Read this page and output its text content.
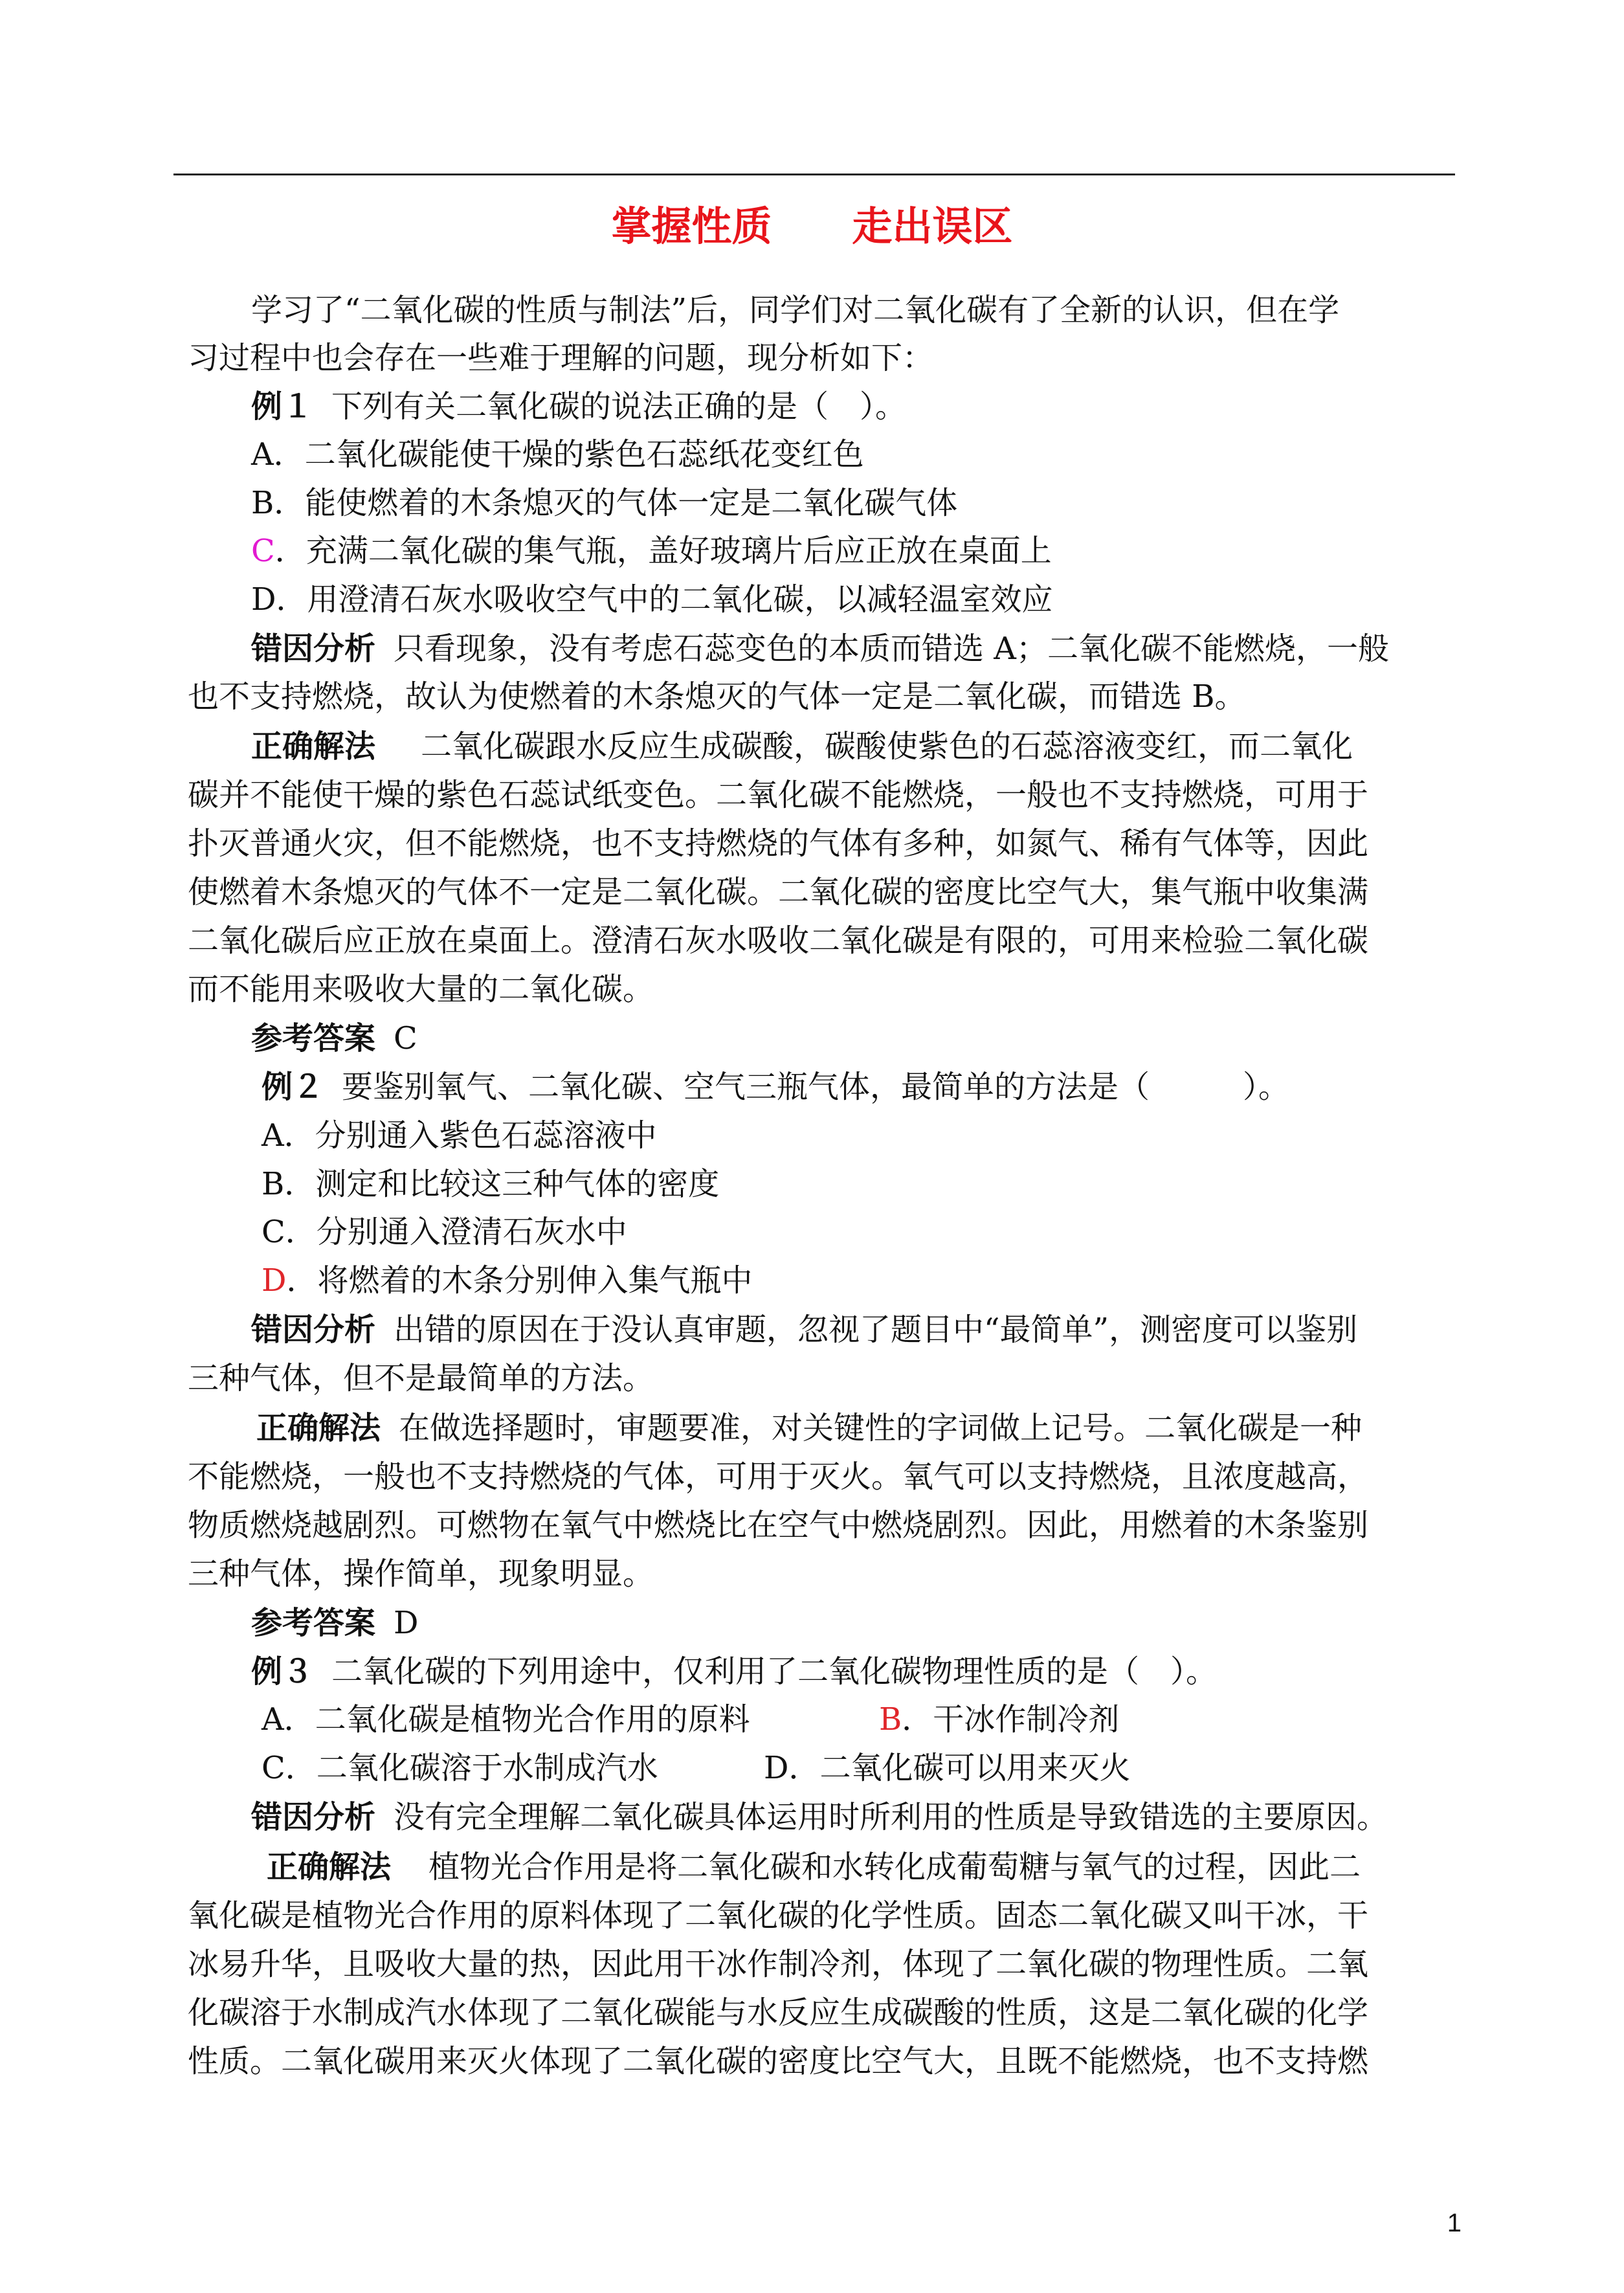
掌握性质　　走出误区
学习了“二氧化碳的性质与制法”后，同学们对二氧化碳有了全新的认识，但在学
习过程中也会存在一些难于理解的问题，现分析如下：
例１ 下列有关二氧化碳的说法正确的是（　）。
A．二氧化碳能使干燥的紫色石蕊纸花变红色
B．能使燃着的木条熄灭的气体一定是二氧化碳气体
C．充满二氧化碳的集气瓶，盖好玻璃片后应正放在桌面上
D．用澄清石灰水吸收空气中的二氧化碳，以减轻温室效应
错因分析 只看现象，没有考虑石蕊变色的本质而错选 A；二氧化碳不能燃烧，一般
也不支持燃烧，故认为使燃着的木条熄灭的气体一定是二氧化碳，而错选 B。
正确解法 二氧化碳跟水反应生成碳酸，碳酸使紫色的石蕊溶液变红，而二氧化
碳并不能使干燥的紫色石蕊试纸变色。二氧化碳不能燃烧，一般也不支持燃烧，可用于
扑灭普通火灾，但不能燃烧，也不支持燃烧的气体有多种，如氮气、稀有气体等，因此
使燃着木条熄灭的气体不一定是二氧化碳。二氧化碳的密度比空气大，集气瓶中收集满
二氧化碳后应正放在桌面上。澄清石灰水吸收二氧化碳是有限的，可用来检验二氧化碳
而不能用来吸收大量的二氧化碳。
参考答案 C
例２ 要鉴别氧气、二氧化碳、空气三瓶气体，最简单的方法是（　　　）。
A．分别通入紫色石蕊溶液中
B．测定和比较这三种气体的密度
C．分别通入澄清石灰水中
D．将燃着的木条分别伸入集气瓶中
错因分析 出错的原因在于没认真审题，忽视了题目中“最简单”，测密度可以鉴别
三种气体，但不是最简单的方法。
正确解法 在做选择题时，审题要准，对关键性的字词做上记号。二氧化碳是一种
不能燃烧，一般也不支持燃烧的气体，可用于灭火。氧气可以支持燃烧，且浓度越高，
物质燃烧越剧烈。可燃物在氧气中燃烧比在空气中燃烧剧烈。因此，用燃着的木条鉴别
三种气体，操作简单，现象明显。
参考答案 D
例３ 二氧化碳的下列用途中，仅利用了二氧化碳物理性质的是（　）。
A．二氧化碳是植物光合作用的原料	B．干冰作制冷剂
C．二氧化碳溶于水制成汽水	D．二氧化碳可以用来灭火
错因分析 没有完全理解二氧化碳具体运用时所利用的性质是导致错选的主要原因。
正确解法 植物光合作用是将二氧化碳和水转化成葡萄糖与氧气的过程，因此二
氧化碳是植物光合作用的原料体现了二氧化碳的化学性质。固态二氧化碳又叫干冰，干
冰易升华，且吸收大量的热，因此用干冰作制冷剂，体现了二氧化碳的物理性质。二氧
化碳溶于水制成汽水体现了二氧化碳能与水反应生成碳酸的性质，这是二氧化碳的化学
性质。二氧化碳用来灭火体现了二氧化碳的密度比空气大，且既不能燃烧，也不支持燃
1
